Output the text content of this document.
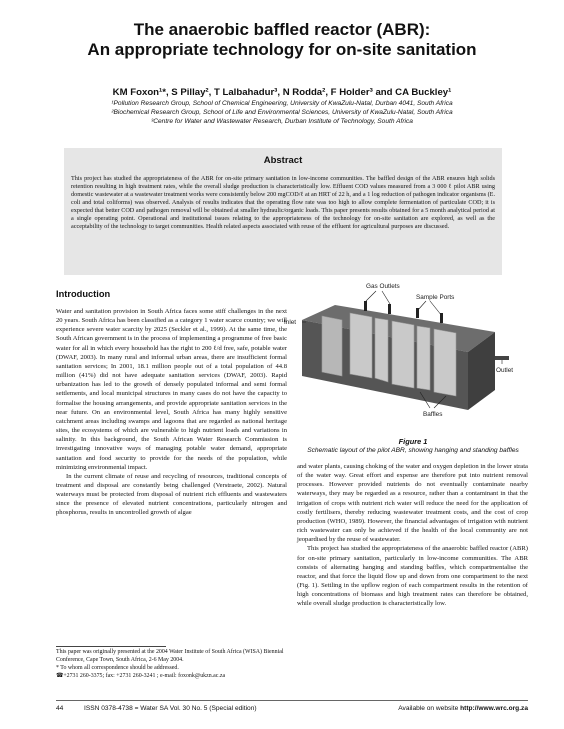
The anaerobic baffled reactor (ABR):
An appropriate technology for on-site sanitation
KM Foxon¹*, S Pillay², T Lalbahadur³, N Rodda², F Holder³ and CA Buckley¹
¹Pollution Research Group, School of Chemical Engineering, University of KwaZulu-Natal, Durban 4041, South Africa
²Biochemical Research Group, School of Life and Environmental Sciences, University of KwaZulu-Natal, South Africa
³Centre for Water and Wastewater Research, Durban Institute of Technology, South Africa
Abstract
This project has studied the appropriateness of the ABR for on-site primary sanitation in low-income communities. The baffled design of the ABR ensures high solids retention resulting in high treatment rates, while the overall sludge production is characteristically low. Effluent COD values measured from a 3 000 ℓ pilot ABR using domestic wastewater at a wastewater treatment works were consistently below 200 mgCOD/ℓ at an HRT of 22 h, and a 1 log reduction of pathogen indicator organisms (E. coli and total coliforms) was observed. Analysis of results indicates that the operating flow rate was too high to allow complete fermentation of particulate COD; it is expected that better COD and pathogen removal will be obtained at smaller hydraulic/organic loads. This paper presents results obtained for a 5 month analytical period at a single operating point. Operational and institutional issues relating to the appropriateness of the technology for on-site sanitation are explored, as well as the acceptability of the technology to target communities. Health related aspects associated with reuse of the effluent for agricultural purposes are discussed.
Introduction

Water and sanitation provision in South Africa faces some stiff challenges in the next 20 years. South Africa has been classified as a category 1 water scarce country; we will experience severe water scarcity by 2025 (Seckler et al., 1999). At the same time, the South African government is in the process of implementing a programme of free basic water for all in which every household has the right to 200 ℓ/d free, safe, potable water (DWAF, 2003). In many rural and informal urban areas, there are insufficient formal sanitation services; In 2001, 18.1 million people out of a total population of 44.8 million (41%) did not have adequate sanitation services (DWAF, 2003). Rapid urbanization has led to the growth of densely populated informal and semi formal settlements, and local municipal structures in many cases do not have the capacity to formalise the housing arrangements, and provide appropriate sanitation services in the near future. On an environmental level, South Africa has many highly sensitive catchment areas including swamps and lagoons that are regarded as national heritage sites, the ecosystems of which are vulnerable to high nutrient loads and variations in salinity. In this background, the South African Water Research Commission is investigating innovative ways of managing potable water demand, appropriate sanitation and food security to provide for the needs of the population, while minimizing environmental impact.

In the current climate of reuse and recycling of resources, traditional concepts of treatment and disposal are constantly being challenged (Verstraete, 2002). Natural waterways must be protected from disposal of nutrient rich effluents and wastewaters since the presence of elevated nutrient concentrations, particularly nitrogen and phosphorus, results in uncontrolled growth of algae

This paper was originally presented at the 2004 Water Institute of South Africa (WISA) Biennial Conference, Cape Town, South Africa, 2-6 May 2004.
* To whom all correspondence should be addressed.
☎+2731 260-3375; fax: +2731 260-3241 ; e-mail: foxonk@ukzn.ac.za
Gas Outlets
Sample Ports
Inlet
Outlet
Baffles
Figure 1
Schematic layout of the pilot ABR, showing hanging and standing baffles

and water plants, causing choking of the water and oxygen depletion in the lower strata of the water way. Great effort and expense are therefore put into nutrient removal processes. However provided nutrients do not eventually contaminate nearby waterways, they may be regarded as a resource, rather than a contaminant in that the irrigation of crops with nutrient rich water will reduce the need for the application of costly fertilisers, thereby reducing wastewater treatment costs, and the cost of crop production (WHO, 1989). However, the financial advantages of irrigation with nutrient rich wastewater can only be achieved if the health of the local community are not jeopardised by the reuse of wastewater.

This project has studied the appropriateness of the anaerobic baffled reactor (ABR) for on-site primary sanitation, particularly in low-income communities. The ABR consists of alternating hanging and standing baffles, which compartmentalise the reactor, and that force the liquid flow up and down from one compartment to the next (Fig. 1). Settling in the upflow region of each compartment results in the retention of high concentrations of biomass and high treatment rates can therefore be obtained, while overall sludge production is characteristically low.

44	ISSN 0378-4738 = Water SA Vol. 30 No. 5 (Special edition)	Available on website http://www.wrc.org.za
